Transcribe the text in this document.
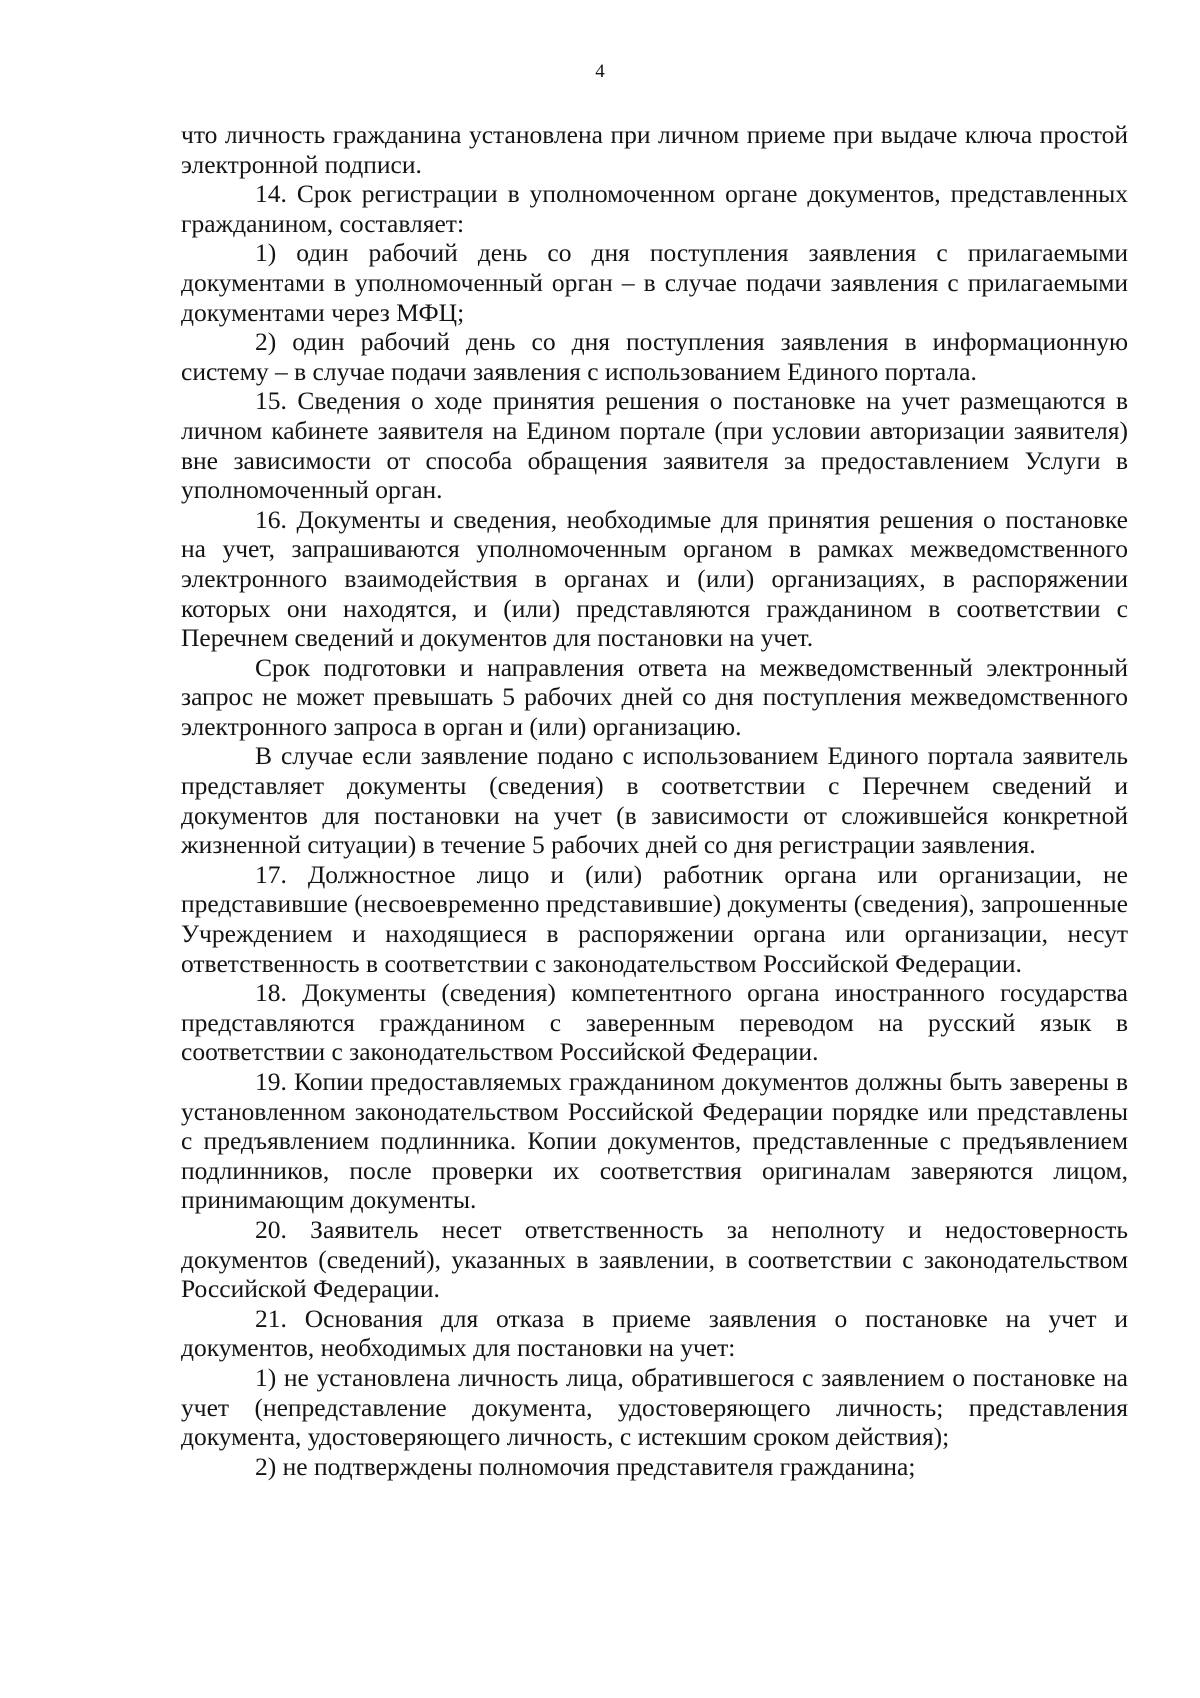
4

что личность гражданина установлена при личном приеме при выдаче ключа простой электронной подписи.

14. Срок регистрации в уполномоченном органе документов, представленных гражданином, составляет:

1) один рабочий день со дня поступления заявления с прилагаемыми документами в уполномоченный орган – в случае подачи заявления с прилагаемыми документами через МФЦ;

2) один рабочий день со дня поступления заявления в информационную систему – в случае подачи заявления с использованием Единого портала.

15. Сведения о ходе принятия решения о постановке на учет размещаются в личном кабинете заявителя на Едином портале (при условии авторизации заявителя) вне зависимости от способа обращения заявителя за предоставлением Услуги в уполномоченный орган.

16. Документы и сведения, необходимые для принятия решения о постановке на учет, запрашиваются уполномоченным органом в рамках межведомственного электронного взаимодействия в органах и (или) организациях, в распоряжении которых они находятся, и (или) представляются гражданином в соответствии с Перечнем сведений и документов для постановки на учет.

Срок подготовки и направления ответа на межведомственный электронный запрос не может превышать 5 рабочих дней со дня поступления межведомственного электронного запроса в орган и (или) организацию.

В случае если заявление подано с использованием Единого портала заявитель представляет документы (сведения) в соответствии с Перечнем сведений и документов для постановки на учет (в зависимости от сложившейся конкретной жизненной ситуации) в течение 5 рабочих дней со дня регистрации заявления.

17. Должностное лицо и (или) работник органа или организации, не представившие (несвоевременно представившие) документы (сведения), запрошенные Учреждением и находящиеся в распоряжении органа или организации, несут ответственность в соответствии с законодательством Российской Федерации.

18. Документы (сведения) компетентного органа иностранного государства представляются гражданином с заверенным переводом на русский язык в соответствии с законодательством Российской Федерации.

19. Копии предоставляемых гражданином документов должны быть заверены в установленном законодательством Российской Федерации порядке или представлены с предъявлением подлинника. Копии документов, представленные с предъявлением подлинников, после проверки их соответствия оригиналам заверяются лицом, принимающим документы.

20. Заявитель несет ответственность за неполноту и недостоверность документов (сведений), указанных в заявлении, в соответствии с законодательством Российской Федерации.

21. Основания для отказа в приеме заявления о постановке на учет и документов, необходимых для постановки на учет:

1) не установлена личность лица, обратившегося с заявлением о постановке на учет (непредставление документа, удостоверяющего личность; представления документа, удостоверяющего личность, с истекшим сроком действия);

2) не подтверждены полномочия представителя гражданина;
